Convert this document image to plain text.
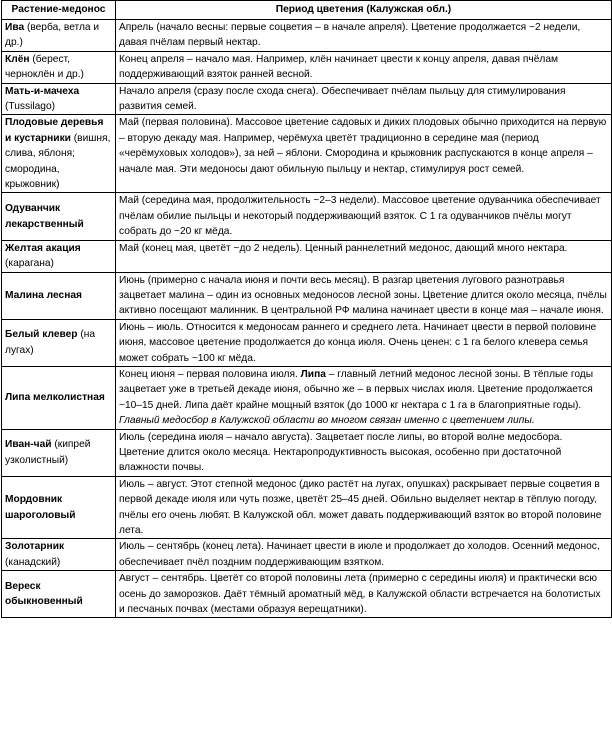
Растение-медонос	Период цветения (Калужская обл.)
Ива (верба, ветла и др.)	Апрель (начало весны: первые соцветия – в начале апреля). Цветение продолжается ~2 недели, давая пчёлам первый нектар.
Клён (берест, черноклён и др.)	Конец апреля – начало мая. Например, клён начинает цвести к концу апреля, давая пчёлам поддерживающий взяток ранней весной.
Мать-и-мачеха (Tussilago)	Начало апреля (сразу после схода снега). Обеспечивает пчёлам пыльцу для стимулирования развития семей.
Плодовые деревья и кустарники (вишня, слива, яблоня; смородина, крыжовник)	Май (первая половина). Массовое цветение садовых и диких плодовых обычно приходится на первую – вторую декаду мая. Например, черёмуха цветёт традиционно в середине мая (период «черёмуховых холодов»), за ней – яблони. Смородина и крыжовник распускаются в конце апреля – начале мая. Эти медоносы дают обильную пыльцу и нектар, стимулируя рост семей.
Одуванчик лекарственный	Май (середина мая, продолжительность ~2–3 недели). Массовое цветение одуванчика обеспечивает пчёлам обилие пыльцы и некоторый поддерживающий взяток. С 1 га одуванчиков пчёлы могут собрать до ~20 кг мёда.
Желтая акация (карагана)	Май (конец мая, цветёт ~до 2 недель). Ценный раннелетний медонос, дающий много нектара.
Малина лесная	Июнь (примерно с начала июня и почти весь месяц). В разгар цветения лугового разнотравья зацветает малина – один из основных медоносов лесной зоны. Цветение длится около месяца, пчёлы активно посещают малинник. В центральной РФ малина начинает цвести в конце мая – начале июня.
Белый клевер (на лугах)	Июнь – июль. Относится к медоносам раннего и среднего лета. Начинает цвести в первой половине июня, массовое цветение продолжается до конца июля. Очень ценен: с 1 га белого клевера семья может собрать ~100 кг мёда.
Липа мелколистная	Конец июня – первая половина июля. Липа – главный летний медонос лесной зоны. В тёплые годы зацветает уже в третьей декаде июня, обычно же – в первых числах июля. Цветение продолжается ~10–15 дней. Липа даёт крайне мощный взяток (до 1000 кг нектара с 1 га в благоприятные годы). Главный медосбор в Калужской области во многом связан именно с цветением липы.
Иван-чай (кипрей узколистный)	Июль (середина июля – начало августа). Зацветает после липы, во второй волне медосбора. Цветение длится около месяца. Нектаропродуктивность высокая, особенно при достаточной влажности почвы.
Мордовник шароголовый	Июль – август. Этот степной медонос (дико растёт на лугах, опушках) раскрывает первые соцветия в первой декаде июля или чуть позже, цветёт 25–45 дней. Обильно выделяет нектар в тёплую погоду, пчёлы его очень любят. В Калужской обл. может давать поддерживающий взяток во второй половине лета.
Золотарник (канадский)	Июль – сентябрь (конец лета). Начинает цвести в июле и продолжает до холодов. Осенний медонос, обеспечивает пчёл поздним поддерживающим взятком.
Вереск обыкновенный	Август – сентябрь. Цветёт со второй половины лета (примерно с середины июля) и практически всю осень до заморозков. Даёт тёмный ароматный мёд, в Калужской области встречается на болотистых и песчаных почвах (местами образуя верещатники).
